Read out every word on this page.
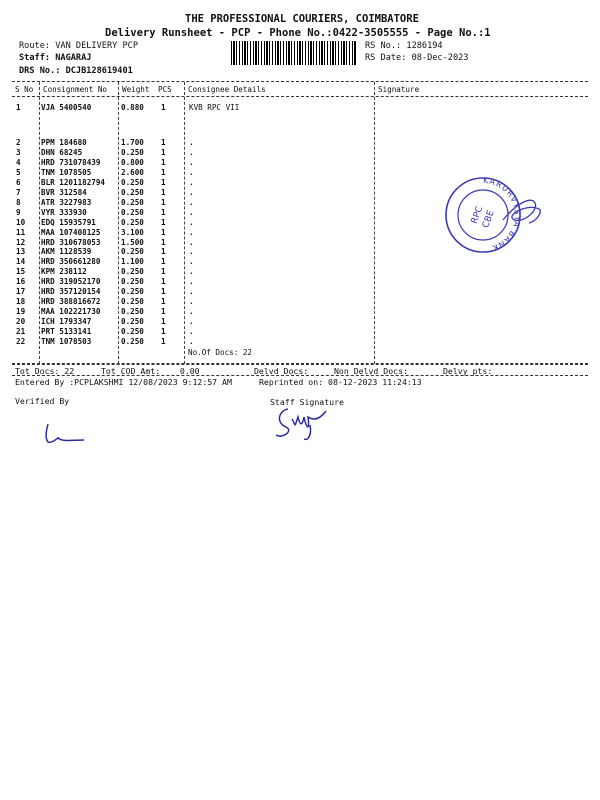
THE PROFESSIONAL COURIERS, COIMBATORE
Delivery Runsheet - PCP - Phone No.:0422-3505555 - Page No.:1
Route: VAN DELIVERY PCP
Staff: NAGARAJ
DRS No.: DCJB128619401
RS No.: 1286194
RS Date: 08-Dec-2023
S No Consignment No Weight PCS Consignee Details	Signature
1	VJA 5400540	0.880 1	KVB RPC VII
2	PPM 184680	1.700 1	.
3	DHN 68245	0.250 1	.
4	HRD 731078439	0.800 1	.
5	TNM 1078505	2.600 1	.
6	BLR 1201182794 0.250 1	.
7	BVR 312584	0.250 1	.
8	ATR 3227983	0.250 1	.
9	VYR 333930	0.250 1	.
10 EDQ 15935791	0.250 1	.
11 MAA 107408125	3.100 1	.
12 HRD 310678053	1.500 1	.
13 AKM 1128539	0.250 1	.
14 HRD 350661280	1.100 1	.
15 KPM 238112	0.250 1	.
16 HRD 319052170	0.250 1	.
17 HRD 357120154	0.250 1	.
18 HRD 388816672	0.250 1	.
19 MAA 102221730	0.250 1	.
20 ICH 1793347	0.250 1	.
21 PRT 5133141	0.250 1	.
22 TNM 1078503	0.250 1	.
No.Of Docs: 22
KARURVYSYA BANK
RPC
CBE
Tot Docs: 22	Tot COD Amt:    0.00	Delvd Docs:	Non Delvd Docs:	Delvy pts:
Entered By :PCPLAKSHMI 12/08/2023 9:12:57 AM	Reprinted on: 08-12-2023 11:24:13
Verified By	Staff Signature
